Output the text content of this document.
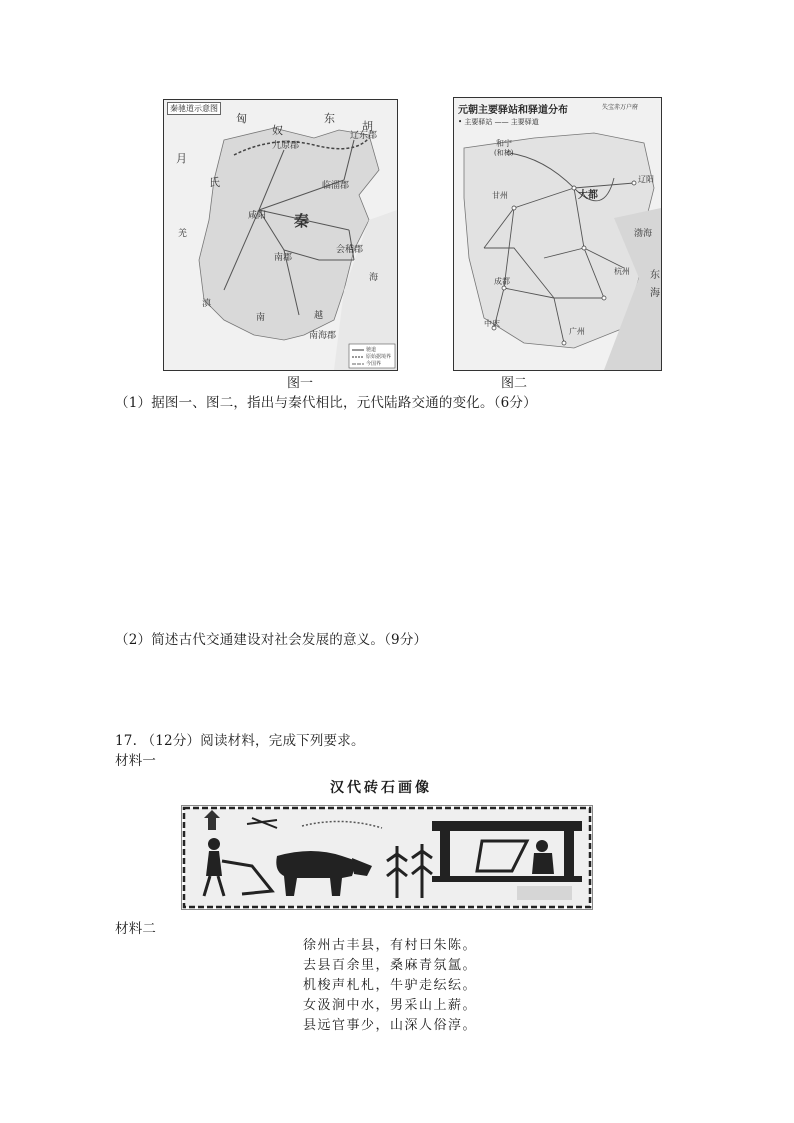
秦驰道示意图
匈
奴
东
胡
月
氏
羌
秦
咸阳
九原郡
辽东郡
临淄郡
会稽郡
南郡
南海郡
越
南
滇
海
驰道
原始据境界
今国界
图一
元朝主要驿站和驿道分布
• 主要驿站 —— 主要驿道
失宝赤万户府
和宁
(和林)
大都
辽阳
甘州
成都
中庆
广州
杭州 东
海
渤海
图二
（1）据图一、图二，指出与秦代相比，元代陆路交通的变化。（6分）
（2）简述古代交通建设对社会发展的意义。（9分）
17. （12分）阅读材料，完成下列要求。
材料一
汉代砖石画像
材料二
徐州古丰县，有村曰朱陈。
去县百余里，桑麻青氛氲。
机梭声札札，牛驴走纭纭。
女汲涧中水，男采山上薪。
县远官事少，山深人俗淳。
